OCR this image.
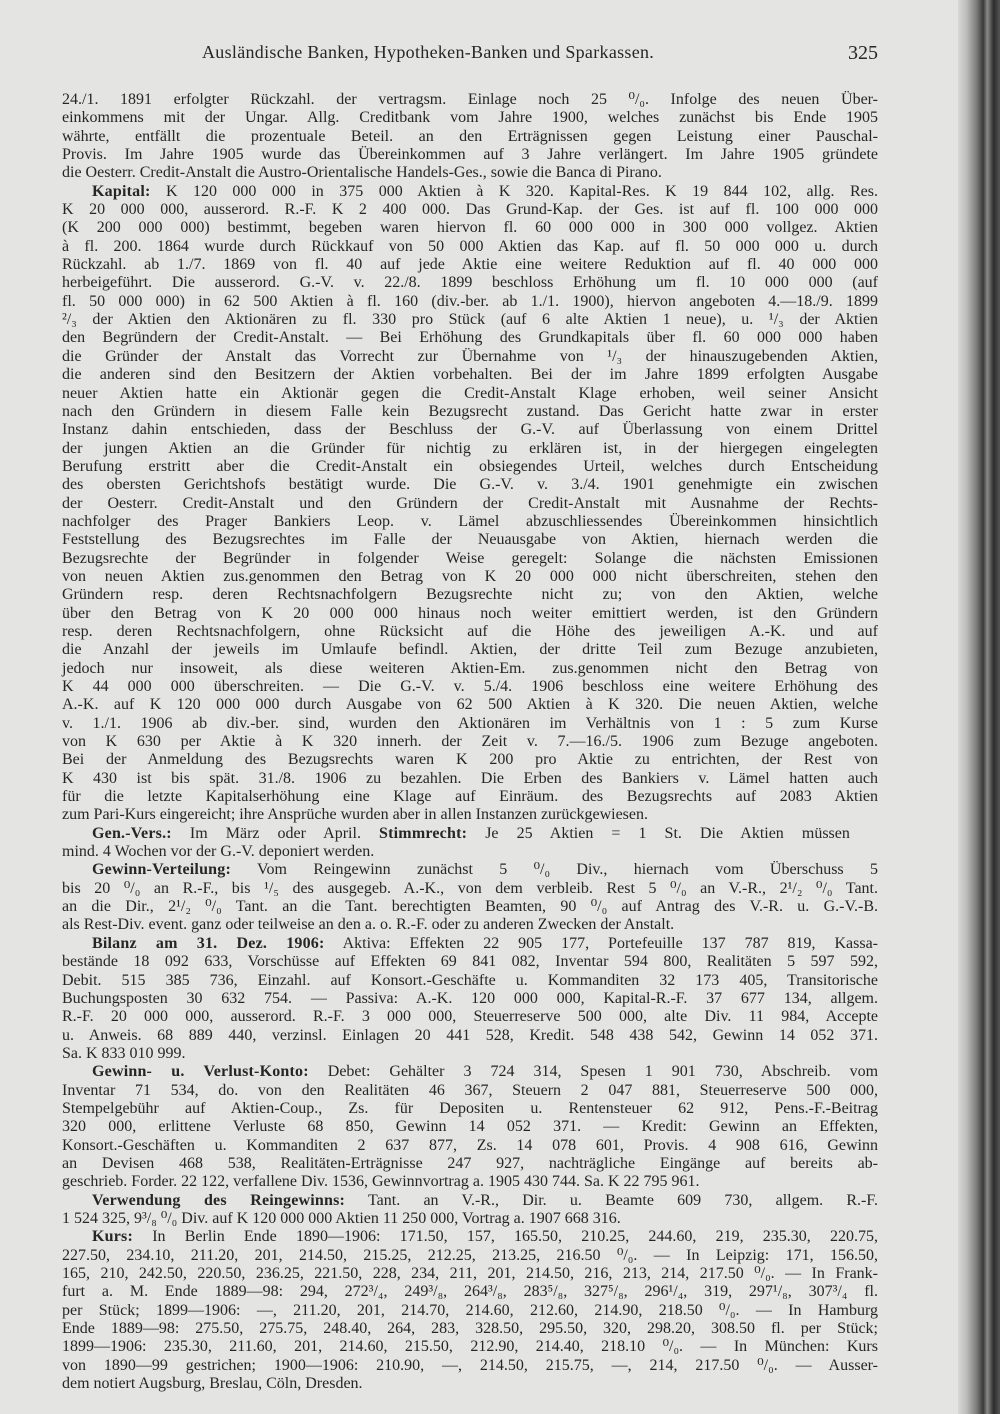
Ausländische Banken, Hypotheken-Banken und Sparkassen.	325
24./1. 1891 erfolgter Rückzahl. der vertragsm. Einlage noch 25 ⁰/₀. Infolge des neuen Über-
einkommens mit der Ungar. Allg. Creditbank vom Jahre 1900, welches zunächst bis Ende 1905
währte, entfällt die prozentuale Beteil. an den Erträgnissen gegen Leistung einer Pauschal-
Provis. Im Jahre 1905 wurde das Übereinkommen auf 3 Jahre verlängert. Im Jahre 1905 gründete
die Oesterr. Credit-Anstalt die Austro-Orientalische Handels-Ges., sowie die Banca di Pirano.
Kapital: K 120 000 000 in 375 000 Aktien à K 320. Kapital-Res. K 19 844 102, allg. Res.
K 20 000 000, ausserord. R.-F. K 2 400 000. Das Grund-Kap. der Ges. ist auf fl. 100 000 000
(K 200 000 000) bestimmt, begeben waren hiervon fl. 60 000 000 in 300 000 vollgez. Aktien
à fl. 200. 1864 wurde durch Rückkauf von 50 000 Aktien das Kap. auf fl. 50 000 000 u. durch
Rückzahl. ab 1./7. 1869 von fl. 40 auf jede Aktie eine weitere Reduktion auf fl. 40 000 000
herbeigeführt. Die ausserord. G.-V. v. 22./8. 1899 beschloss Erhöhung um fl. 10 000 000 (auf
fl. 50 000 000) in 62 500 Aktien à fl. 160 (div.-ber. ab 1./1. 1900), hiervon angeboten 4.—18./9. 1899
²/₃ der Aktien den Aktionären zu fl. 330 pro Stück (auf 6 alte Aktien 1 neue), u. ¹/₃ der Aktien
den Begründern der Credit-Anstalt. — Bei Erhöhung des Grundkapitals über fl. 60 000 000 haben
die Gründer der Anstalt das Vorrecht zur Übernahme von ¹/₃ der hinauszugebenden Aktien,
die anderen sind den Besitzern der Aktien vorbehalten. Bei der im Jahre 1899 erfolgten Ausgabe
neuer Aktien hatte ein Aktionär gegen die Credit-Anstalt Klage erhoben, weil seiner Ansicht
nach den Gründern in diesem Falle kein Bezugsrecht zustand. Das Gericht hatte zwar in erster
Instanz dahin entschieden, dass der Beschluss der G.-V. auf Überlassung von einem Drittel
der jungen Aktien an die Gründer für nichtig zu erklären ist, in der hiergegen eingelegten
Berufung erstritt aber die Credit-Anstalt ein obsiegendes Urteil, welches durch Entscheidung
des obersten Gerichtshofs bestätigt wurde. Die G.-V. v. 3./4. 1901 genehmigte ein zwischen
der Oesterr. Credit-Anstalt und den Gründern der Credit-Anstalt mit Ausnahme der Rechts-
nachfolger des Prager Bankiers Leop. v. Lämel abzuschliessendes Übereinkommen hinsichtlich
Feststellung des Bezugsrechtes im Falle der Neuausgabe von Aktien, hiernach werden die
Bezugsrechte der Begründer in folgender Weise geregelt: Solange die nächsten Emissionen
von neuen Aktien zus.genommen den Betrag von K 20 000 000 nicht überschreiten, stehen den
Gründern resp. deren Rechtsnachfolgern Bezugsrechte nicht zu; von den Aktien, welche
über den Betrag von K 20 000 000 hinaus noch weiter emittiert werden, ist den Gründern
resp. deren Rechtsnachfolgern, ohne Rücksicht auf die Höhe des jeweiligen A.-K. und auf
die Anzahl der jeweils im Umlaufe befindl. Aktien, der dritte Teil zum Bezuge anzubieten,
jedoch nur insoweit, als diese weiteren Aktien-Em. zus.genommen nicht den Betrag von
K 44 000 000 überschreiten. — Die G.-V. v. 5./4. 1906 beschloss eine weitere Erhöhung des
A.-K. auf K 120 000 000 durch Ausgabe von 62 500 Aktien à K 320. Die neuen Aktien, welche
v. 1./1. 1906 ab div.-ber. sind, wurden den Aktionären im Verhältnis von 1 : 5 zum Kurse
von K 630 per Aktie à K 320 innerh. der Zeit v. 7.—16./5. 1906 zum Bezuge angeboten.
Bei der Anmeldung des Bezugsrechts waren K 200 pro Aktie zu entrichten, der Rest von
K 430 ist bis spät. 31./8. 1906 zu bezahlen. Die Erben des Bankiers v. Lämel hatten auch
für die letzte Kapitalserhöhung eine Klage auf Einräum. des Bezugsrechts auf 2083 Aktien
zum Pari-Kurs eingereicht; ihre Ansprüche wurden aber in allen Instanzen zurückgewiesen.
Gen.-Vers.: Im März oder April. Stimmrecht: Je 25 Aktien = 1 St. Die Aktien müssen
mind. 4 Wochen vor der G.-V. deponiert werden.
Gewinn-Verteilung: Vom Reingewinn zunächst 5 ⁰/₀ Div., hiernach vom Überschuss 5
bis 20 ⁰/₀ an R.-F., bis ¹/₅ des ausgegeb. A.-K., von dem verbleib. Rest 5 ⁰/₀ an V.-R., 2¹/₂ ⁰/₀ Tant.
an die Dir., 2¹/₂ ⁰/₀ Tant. an die Tant. berechtigten Beamten, 90 ⁰/₀ auf Antrag des V.-R. u. G.-V.-B.
als Rest-Div. event. ganz oder teilweise an den a. o. R.-F. oder zu anderen Zwecken der Anstalt.
Bilanz am 31. Dez. 1906: Aktiva: Effekten 22 905 177, Portefeuille 137 787 819, Kassa-
bestände 18 092 633, Vorschüsse auf Effekten 69 841 082, Inventar 594 800, Realitäten 5 597 592,
Debit. 515 385 736, Einzahl. auf Konsort.-Geschäfte u. Kommanditen 32 173 405, Transitorische
Buchungsposten 30 632 754. — Passiva: A.-K. 120 000 000, Kapital-R.-F. 37 677 134, allgem.
R.-F. 20 000 000, ausserord. R.-F. 3 000 000, Steuerreserve 500 000, alte Div. 11 984, Accepte
u. Anweis. 68 889 440, verzinsl. Einlagen 20 441 528, Kredit. 548 438 542, Gewinn 14 052 371.
Sa. K 833 010 999.
Gewinn- u. Verlust-Konto: Debet: Gehälter 3 724 314, Spesen 1 901 730, Abschreib. vom
Inventar 71 534, do. von den Realitäten 46 367, Steuern 2 047 881, Steuerreserve 500 000,
Stempelgebühr auf Aktien-Coup., Zs. für Depositen u. Rentensteuer 62 912, Pens.-F.-Beitrag
320 000, erlittene Verluste 68 850, Gewinn 14 052 371. — Kredit: Gewinn an Effekten,
Konsort.-Geschäften u. Kommanditen 2 637 877, Zs. 14 078 601, Provis. 4 908 616, Gewinn
an Devisen 468 538, Realitäten-Erträgnisse 247 927, nachträgliche Eingänge auf bereits ab-
geschrieb. Forder. 22 122, verfallene Div. 1536, Gewinnvortrag a. 1905 430 744. Sa. K 22 795 961.
Verwendung des Reingewinns: Tant. an V.-R., Dir. u. Beamte 609 730, allgem. R.-F.
1 524 325, 9³/₈ ⁰/₀ Div. auf K 120 000 000 Aktien 11 250 000, Vortrag a. 1907 668 316.
Kurs: In Berlin Ende 1890—1906: 171.50, 157, 165.50, 210.25, 244.60, 219, 235.30, 220.75,
227.50, 234.10, 211.20, 201, 214.50, 215.25, 212.25, 213.25, 216.50 ⁰/₀. — In Leipzig: 171, 156.50,
165, 210, 242.50, 220.50, 236.25, 221.50, 228, 234, 211, 201, 214.50, 216, 213, 214, 217.50 ⁰/₀. — In Frank-
furt a. M. Ende 1889—98: 294, 272³/₄, 249³/₈, 264³/₈, 283⁵/₈, 327⁵/₈, 296¹/₄, 319, 297¹/₈, 307³/₄ fl.
per Stück; 1899—1906: —, 211.20, 201, 214.70, 214.60, 212.60, 214.90, 218.50 ⁰/₀. — In Hamburg
Ende 1889—98: 275.50, 275.75, 248.40, 264, 283, 328.50, 295.50, 320, 298.20, 308.50 fl. per Stück;
1899—1906: 235.30, 211.60, 201, 214.60, 215.50, 212.90, 214.40, 218.10 ⁰/₀. — In München: Kurs
von 1890—99 gestrichen; 1900—1906: 210.90, —, 214.50, 215.75, —, 214, 217.50 ⁰/₀. — Ausser-
dem notiert Augsburg, Breslau, Cöln, Dresden.
